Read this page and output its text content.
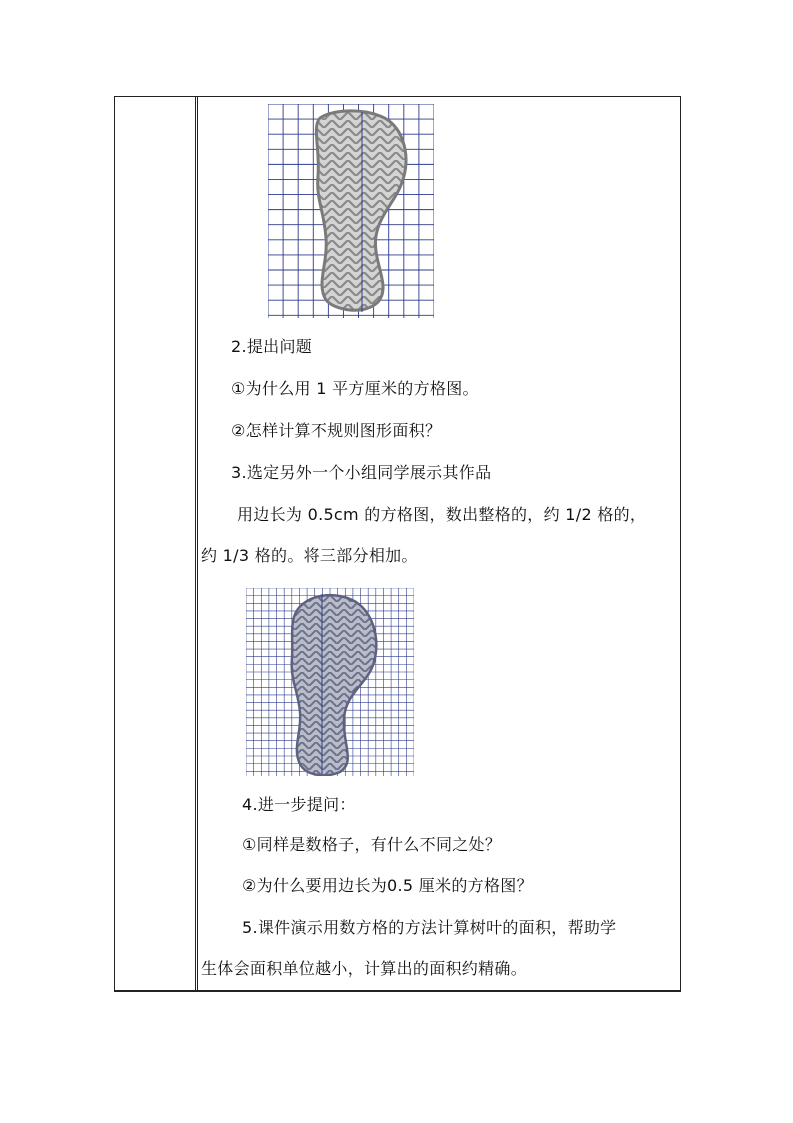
2.提出问题
①为什么用 1 平方厘米的方格图。
②怎样计算不规则图形面积？
3.选定另外一个小组同学展示其作品
用边长为 0.5cm 的方格图，数出整格的，约 1/2 格的，
约 1/3 格的。将三部分相加。
4.进一步提问：
①同样是数格子，有什么不同之处？
②为什么要用边长为0.5 厘米的方格图？
5.课件演示用数方格的方法计算树叶的面积，帮助学
生体会面积单位越小，计算出的面积约精确。
